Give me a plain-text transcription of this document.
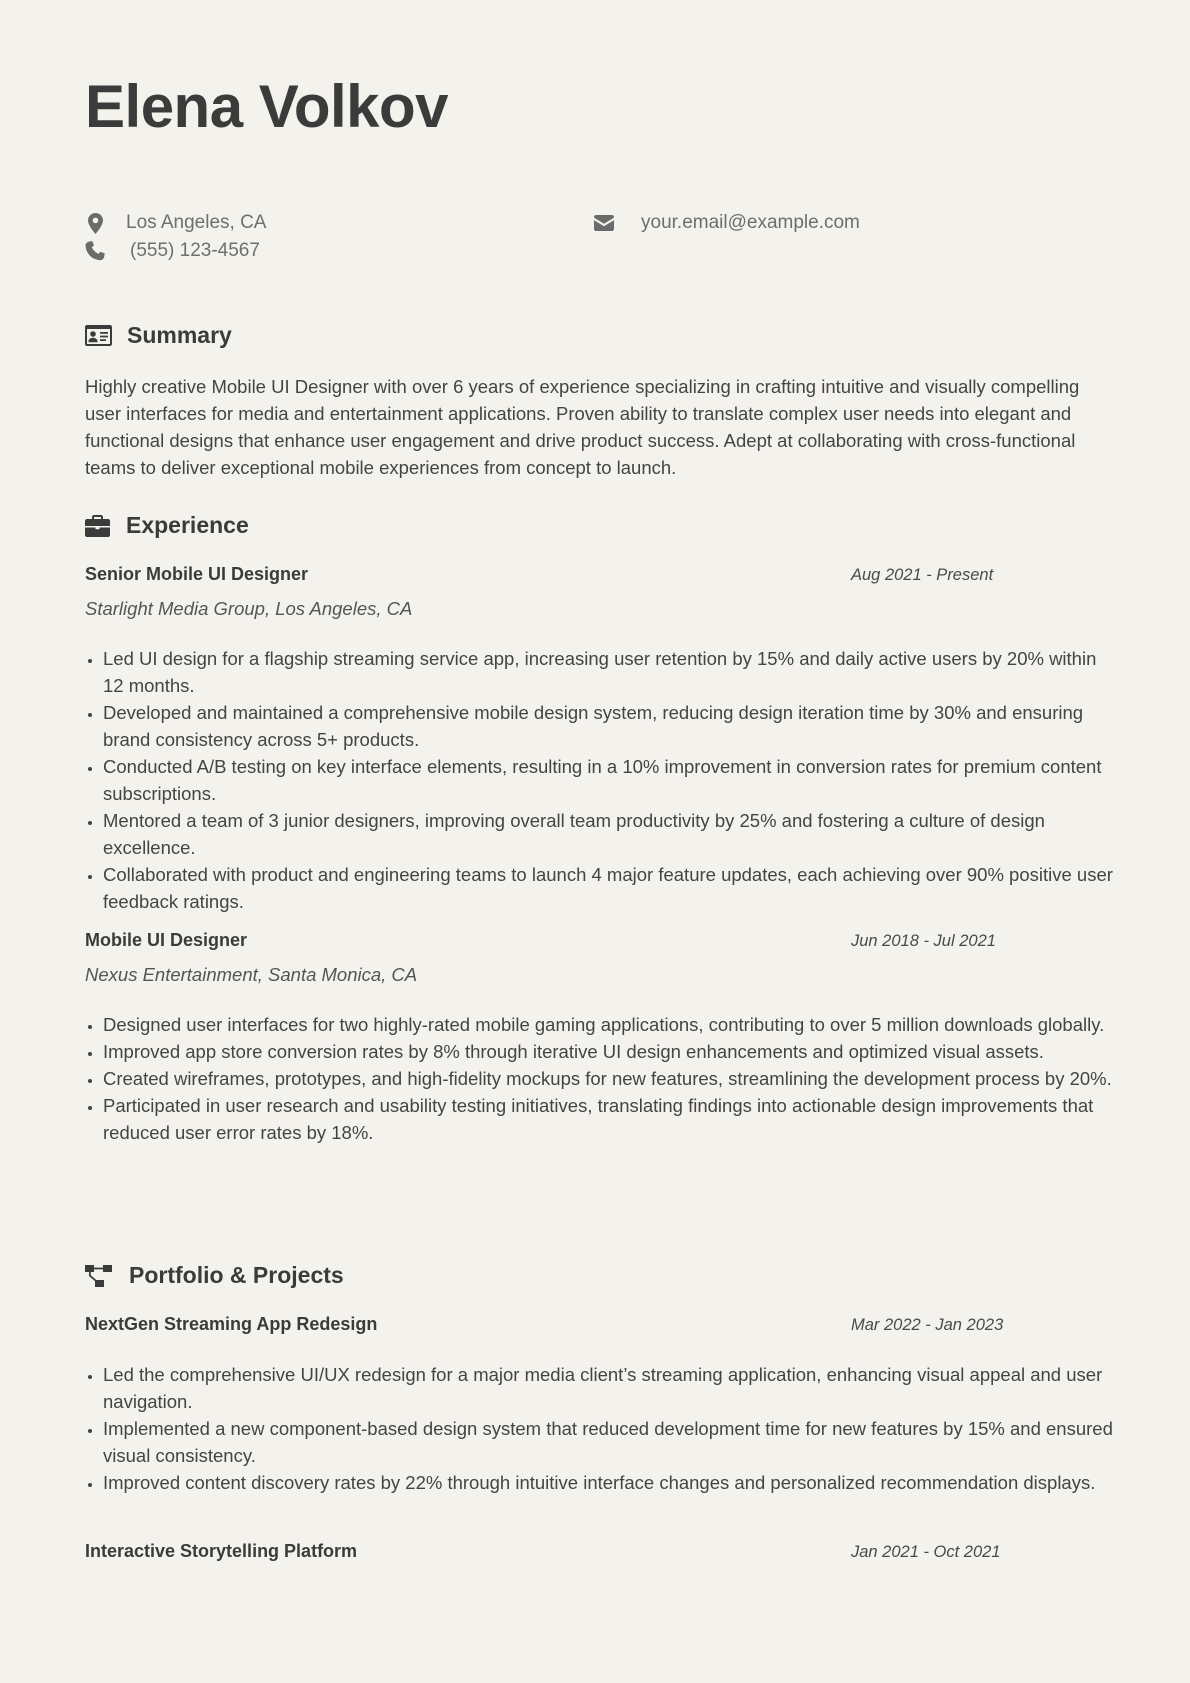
Elena Volkov
Los Angeles, CA
(555) 123-4567
your.email@example.com
Summary

Highly creative Mobile UI Designer with over 6 years of experience specializing in crafting intuitive and visually compelling user interfaces for media and entertainment applications. Proven ability to translate complex user needs into elegant and functional designs that enhance user engagement and drive product success. Adept at collaborating with cross-functional teams to deliver exceptional mobile experiences from concept to launch.

Experience
Senior Mobile UI Designer	Aug 2021 - Present
Starlight Media Group, Los Angeles, CA
• Led UI design for a flagship streaming service app, increasing user retention by 15% and daily active users by 20% within 12 months.
• Developed and maintained a comprehensive mobile design system, reducing design iteration time by 30% and ensuring brand consistency across 5+ products.
• Conducted A/B testing on key interface elements, resulting in a 10% improvement in conversion rates for premium content subscriptions.
• Mentored a team of 3 junior designers, improving overall team productivity by 25% and fostering a culture of design excellence.
• Collaborated with product and engineering teams to launch 4 major feature updates, each achieving over 90% positive user feedback ratings.
Mobile UI Designer	Jun 2018 - Jul 2021
Nexus Entertainment, Santa Monica, CA
• Designed user interfaces for two highly-rated mobile gaming applications, contributing to over 5 million downloads globally.
• Improved app store conversion rates by 8% through iterative UI design enhancements and optimized visual assets.
• Created wireframes, prototypes, and high-fidelity mockups for new features, streamlining the development process by 20%.
• Participated in user research and usability testing initiatives, translating findings into actionable design improvements that reduced user error rates by 18%.
Portfolio & Projects
NextGen Streaming App Redesign	Mar 2022 - Jan 2023
• Led the comprehensive UI/UX redesign for a major media client’s streaming application, enhancing visual appeal and user navigation.
• Implemented a new component-based design system that reduced development time for new features by 15% and ensured visual consistency.
• Improved content discovery rates by 22% through intuitive interface changes and personalized recommendation displays.
Interactive Storytelling Platform	Jan 2021 - Oct 2021
